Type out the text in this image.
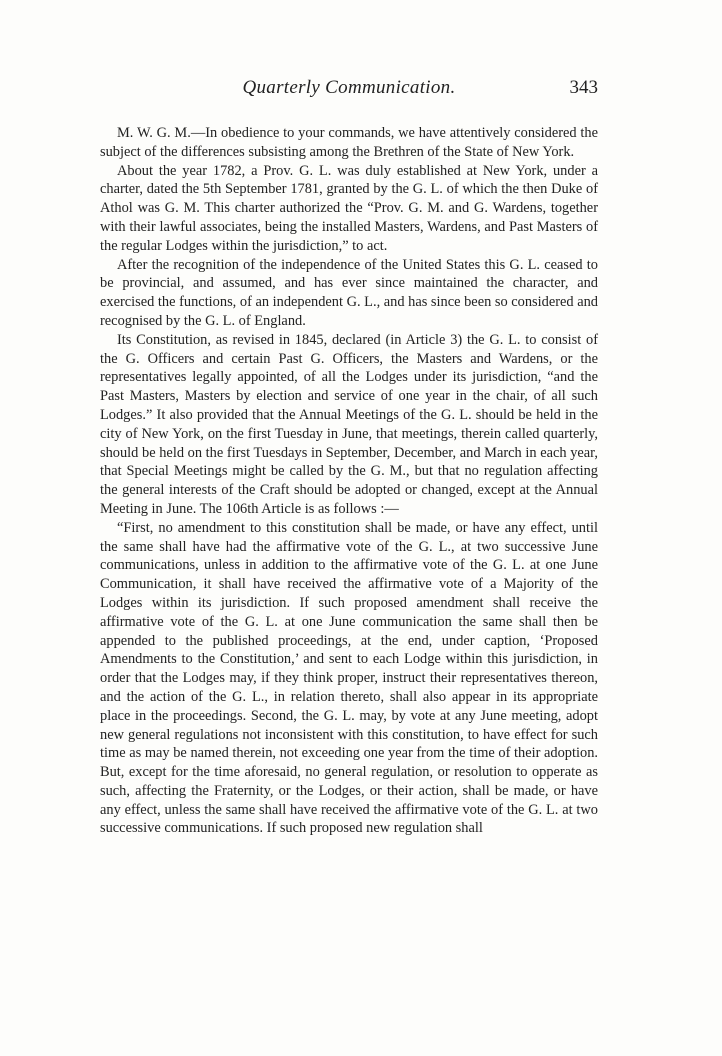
Quarterly Communication.	343

M. W. G. M.—In obedience to your commands, we have attentively considered the subject of the differences subsisting among the Brethren of the State of New York.

About the year 1782, a Prov. G. L. was duly established at New York, under a charter, dated the 5th September 1781, granted by the G. L. of which the then Duke of Athol was G. M. This charter authorized the “Prov. G. M. and G. Wardens, together with their lawful associates, being the installed Masters, Wardens, and Past Masters of the regular Lodges within the jurisdiction,” to act.

After the recognition of the independence of the United States this G. L. ceased to be provincial, and assumed, and has ever since maintained the character, and exercised the functions, of an independent G. L., and has since been so considered and recognised by the G. L. of England.

Its Constitution, as revised in 1845, declared (in Article 3) the G. L. to consist of the G. Officers and certain Past G. Officers, the Masters and Wardens, or the representatives legally appointed, of all the Lodges under its jurisdiction, “and the Past Masters, Masters by election and service of one year in the chair, of all such Lodges.” It also provided that the Annual Meetings of the G. L. should be held in the city of New York, on the first Tuesday in June, that meetings, therein called quarterly, should be held on the first Tuesdays in September, December, and March in each year, that Special Meetings might be called by the G. M., but that no regulation affecting the general interests of the Craft should be adopted or changed, except at the Annual Meeting in June. The 106th Article is as follows :—

“First, no amendment to this constitution shall be made, or have any effect, until the same shall have had the affirmative vote of the G. L., at two successive June communications, unless in addition to the affirmative vote of the G. L. at one June Communication, it shall have received the affirmative vote of a Majority of the Lodges within its jurisdiction. If such proposed amendment shall receive the affirmative vote of the G. L. at one June communication the same shall then be appended to the published proceedings, at the end, under caption, ‘Proposed Amendments to the Constitution,’ and sent to each Lodge within this jurisdiction, in order that the Lodges may, if they think proper, instruct their representatives thereon, and the action of the G. L., in relation thereto, shall also appear in its appropriate place in the proceedings. Second, the G. L. may, by vote at any June meeting, adopt new general regulations not inconsistent with this constitution, to have effect for such time as may be named therein, not exceeding one year from the time of their adoption. But, except for the time aforesaid, no general regulation, or resolution to opperate as such, affecting the Fraternity, or the Lodges, or their action, shall be made, or have any effect, unless the same shall have received the affirmative vote of the G. L. at two successive communications. If such proposed new regulation shall
